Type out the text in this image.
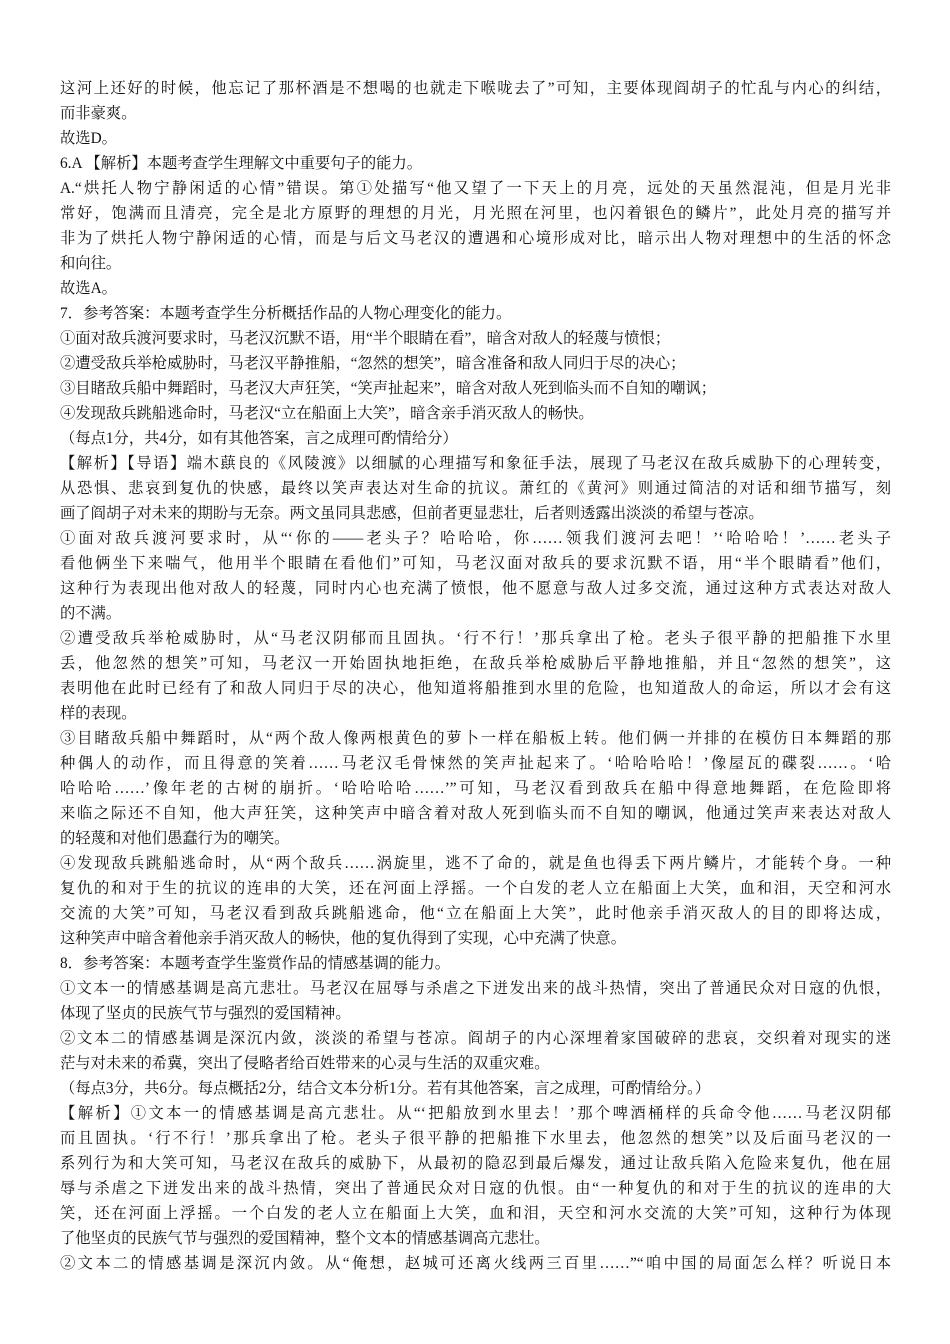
这河上还好的时候，他忘记了那杯酒是不想喝的也就走下喉咙去了”可知，主要体现阎胡子的忙乱与内心的纠结，
而非豪爽。
故选D。
6.A 【解析】本题考查学生理解文中重要句子的能力。
A.“烘托人物宁静闲适的心情”错误。第①处描写“他又望了一下天上的月亮，远处的天虽然混沌，但是月光非
常好，饱满而且清亮，完全是北方原野的理想的月光，月光照在河里，也闪着银色的鳞片”，此处月亮的描写并
非为了烘托人物宁静闲适的心情，而是与后文马老汉的遭遇和心境形成对比，暗示出人物对理想中的生活的怀念
和向往。
故选A。
7．参考答案：本题考查学生分析概括作品的人物心理变化的能力。
①面对敌兵渡河要求时，马老汉沉默不语，用“半个眼睛在看”，暗含对敌人的轻蔑与愤恨；
②遭受敌兵举枪威胁时，马老汉平静推船，“忽然的想笑”，暗含准备和敌人同归于尽的决心；
③目睹敌兵船中舞蹈时，马老汉大声狂笑，“笑声扯起来”，暗含对敌人死到临头而不自知的嘲讽；
④发现敌兵跳船逃命时，马老汉“立在船面上大笑”，暗含亲手消灭敌人的畅快。
（每点1分，共4分，如有其他答案，言之成理可酌情给分）
【解析】【导语】端木蕻良的《风陵渡》以细腻的心理描写和象征手法，展现了马老汉在敌兵威胁下的心理转变，
从恐惧、悲哀到复仇的快感，最终以笑声表达对生命的抗议。萧红的《黄河》则通过简洁的对话和细节描写，刻
画了阎胡子对未来的期盼与无奈。两文虽同具悲感，但前者更显悲壮，后者则透露出淡淡的希望与苍凉。
①面对敌兵渡河要求时，从“‘你的——老头子？哈哈哈，你……领我们渡河去吧！’‘哈哈哈！’……老头子
看他俩坐下来喘气，他用半个眼睛在看他们”可知，马老汉面对敌兵的要求沉默不语，用“半个眼睛看”他们，
这种行为表现出他对敌人的轻蔑，同时内心也充满了愤恨，他不愿意与敌人过多交流，通过这种方式表达对敌人
的不满。
②遭受敌兵举枪威胁时，从“马老汉阴郁而且固执。‘行不行！’那兵拿出了枪。老头子很平静的把船推下水里
丢，他忽然的想笑”可知，马老汉一开始固执地拒绝，在敌兵举枪威胁后平静地推船，并且“忽然的想笑”，这
表明他在此时已经有了和敌人同归于尽的决心，他知道将船推到水里的危险，也知道敌人的命运，所以才会有这
样的表现。
③目睹敌兵船中舞蹈时，从“两个敌人像两根黄色的萝卜一样在船板上转。他们俩一并排的在模仿日本舞蹈的那
种偶人的动作，而且得意的笑着……马老汉毛骨悚然的笑声扯起来了。‘哈哈哈哈！’像屋瓦的碟裂……。‘哈
哈哈哈……’像年老的古树的崩折。‘哈哈哈哈……’”可知，马老汉看到敌兵在船中得意地舞蹈，在危险即将
来临之际还不自知，他大声狂笑，这种笑声中暗含着对敌人死到临头而不自知的嘲讽，他通过笑声来表达对敌人
的轻蔑和对他们愚蠢行为的嘲笑。
④发现敌兵跳船逃命时，从“两个敌兵……涡旋里，逃不了命的，就是鱼也得丢下两片鳞片，才能转个身。一种
复仇的和对于生的抗议的连串的大笑，还在河面上浮摇。一个白发的老人立在船面上大笑，血和泪，天空和河水
交流的大笑”可知，马老汉看到敌兵跳船逃命，他“立在船面上大笑”，此时他亲手消灭敌人的目的即将达成，
这种笑声中暗含着他亲手消灭敌人的畅快，他的复仇得到了实现，心中充满了快意。
8．参考答案：本题考查学生鉴赏作品的情感基调的能力。
①文本一的情感基调是高亢悲壮。马老汉在屈辱与杀虐之下迸发出来的战斗热情，突出了普通民众对日寇的仇恨，
体现了坚贞的民族气节与强烈的爱国精神。
②文本二的情感基调是深沉内敛，淡淡的希望与苍凉。阎胡子的内心深埋着家国破碎的悲哀，交织着对现实的迷
茫与对未来的希冀，突出了侵略者给百姓带来的心灵与生活的双重灾难。
（每点3分，共6分。每点概括2分，结合文本分析1分。若有其他答案，言之成理，可酌情给分。）
【解析】①文本一的情感基调是高亢悲壮。从“‘把船放到水里去！’那个啤酒桶样的兵命令他……马老汉阴郁
而且固执。‘行不行！’那兵拿出了枪。老头子很平静的把船推下水里去，他忽然的想笑”以及后面马老汉的一
系列行为和大笑可知，马老汉在敌兵的威胁下，从最初的隐忍到最后爆发，通过让敌兵陷入危险来复仇，他在屈
辱与杀虐之下迸发出来的战斗热情，突出了普通民众对日寇的仇恨。由“一种复仇的和对于生的抗议的连串的大
笑，还在河面上浮摇。一个白发的老人立在船面上大笑，血和泪，天空和河水交流的大笑”可知，这种行为体现
了他坚贞的民族气节与强烈的爱国精神，整个文本的情感基调高亢悲壮。
②文本二的情感基调是深沉内敛。从“俺想，赵城可还离火线两三百里……”“咱中国的局面怎么样？听说日本
